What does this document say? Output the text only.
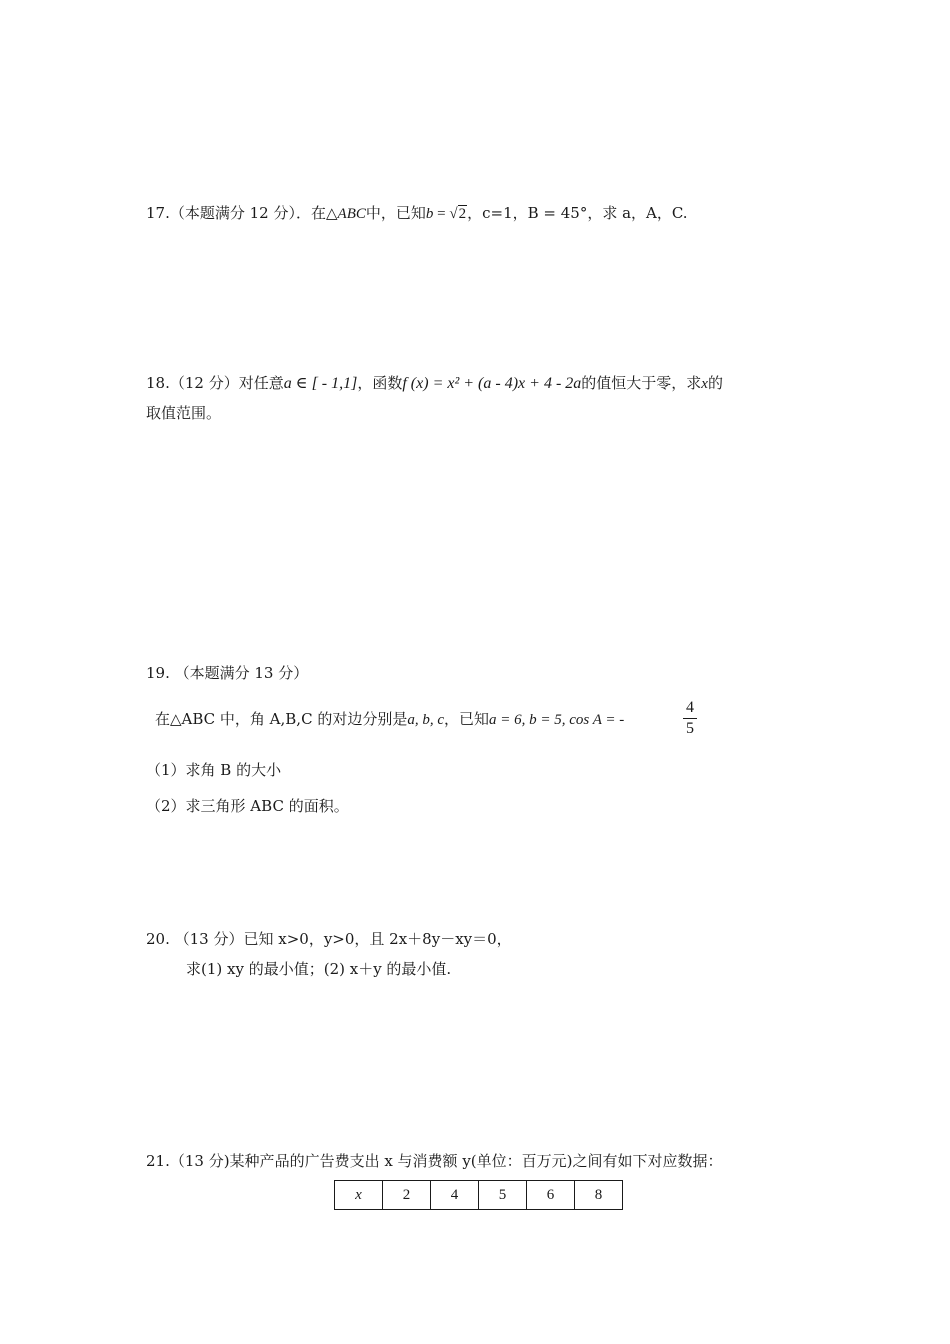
17.（本题满分 12 分）．在△ABC中，已知b = √2，c=1，B = 45°，求 a，A，C.
18.（12 分）对任意a ∈ [ - 1,1]，函数f (x) = x² + (a - 4)x + 4 - 2a的值恒大于零，求x的
取值范围。
19. （本题满分 13 分）
在△ABC 中，角 A,B,C 的对边分别是a, b, c，已知a = 6, b = 5, cos A = -
4
5
（1）求角 B 的大小
（2）求三角形 ABC 的面积。
20. （13 分）已知 x>0，y>0，且 2x＋8y－xy＝0，
求(1) xy 的最小值；(2) x＋y 的最小值.
21.（13 分)某种产品的广告费支出 x 与消费额 y(单位：百万元)之间有如下对应数据：
x	2	4	5	6	8
